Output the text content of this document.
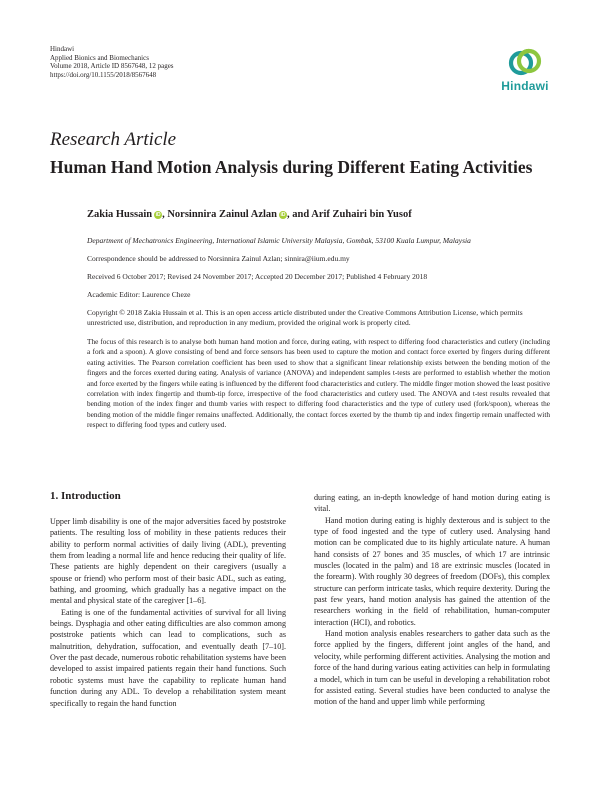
Hindawi
Applied Bionics and Biomechanics
Volume 2018, Article ID 8567648, 12 pages
https://doi.org/10.1155/2018/8567648
Hindawi
Research Article
Human Hand Motion Analysis during Different Eating Activities
Zakia Hussain iD , Norsinnira Zainul Azlan iD , and Arif Zuhairi bin Yusof
Department of Mechatronics Engineering, International Islamic University Malaysia, Gombak, 53100 Kuala Lumpur, Malaysia
Correspondence should be addressed to Norsinnira Zainul Azlan; sinnira@iium.edu.my
Received 6 October 2017; Revised 24 November 2017; Accepted 20 December 2017; Published 4 February 2018
Academic Editor: Laurence Cheze
Copyright © 2018 Zakia Hussain et al. This is an open access article distributed under the Creative Commons Attribution License, which permits unrestricted use, distribution, and reproduction in any medium, provided the original work is properly cited.
The focus of this research is to analyse both human hand motion and force, during eating, with respect to differing food characteristics and cutlery (including a fork and a spoon). A glove consisting of bend and force sensors has been used to capture the motion and contact force exerted by fingers during different eating activities. The Pearson correlation coefficient has been used to show that a significant linear relationship exists between the bending motion of the fingers and the forces exerted during eating. Analysis of variance (ANOVA) and independent samples t-tests are performed to establish whether the motion and force exerted by the fingers while eating is influenced by the different food characteristics and cutlery. The middle finger motion showed the least positive correlation with index fingertip and thumb-tip force, irrespective of the food characteristics and cutlery used. The ANOVA and t-test results revealed that bending motion of the index finger and thumb varies with respect to differing food characteristics and the type of cutlery used (fork/spoon), whereas the bending motion of the middle finger remains unaffected. Additionally, the contact forces exerted by the thumb tip and index fingertip remain unaffected with respect to differing food types and cutlery used.
1. Introduction

Upper limb disability is one of the major adversities faced by poststroke patients. The resulting loss of mobility in these patients reduces their ability to perform normal activities of daily living (ADL), preventing them from leading a normal life and hence reducing their quality of life. These patients are highly dependent on their caregivers (usually a spouse or friend) who perform most of their basic ADL, such as eating, bathing, and grooming, which gradually has a negative impact on the mental and physical state of the caregiver [1–6].

Eating is one of the fundamental activities of survival for all living beings. Dysphagia and other eating difficulties are also common among poststroke patients which can lead to complications, such as malnutrition, dehydration, suffocation, and eventually death [7–10]. Over the past decade, numerous robotic rehabilitation systems have been developed to assist impaired patients regain their hand functions. Such robotic systems must have the capability to replicate human hand function during any ADL. To develop a rehabilitation system meant specifically to regain the hand function

during eating, an in-depth knowledge of hand motion during eating is vital.

Hand motion during eating is highly dexterous and is subject to the type of food ingested and the type of cutlery used. Analysing hand motion can be complicated due to its highly articulate nature. A human hand consists of 27 bones and 35 muscles, of which 17 are intrinsic muscles (located in the palm) and 18 are extrinsic muscles (located in the forearm). With roughly 30 degrees of freedom (DOFs), this complex structure can perform intricate tasks, which require dexterity. During the past few years, hand motion analysis has gained the attention of the researchers working in the field of rehabilitation, human-computer interaction (HCI), and robotics.

Hand motion analysis enables researchers to gather data such as the force applied by the fingers, different joint angles of the hand, and velocity, while performing different activities. Analysing the motion and force of the hand during various eating activities can help in formulating a model, which in turn can be useful in developing a rehabilitation robot for assisted eating. Several studies have been conducted to analyse the motion of the hand and upper limb while performing
